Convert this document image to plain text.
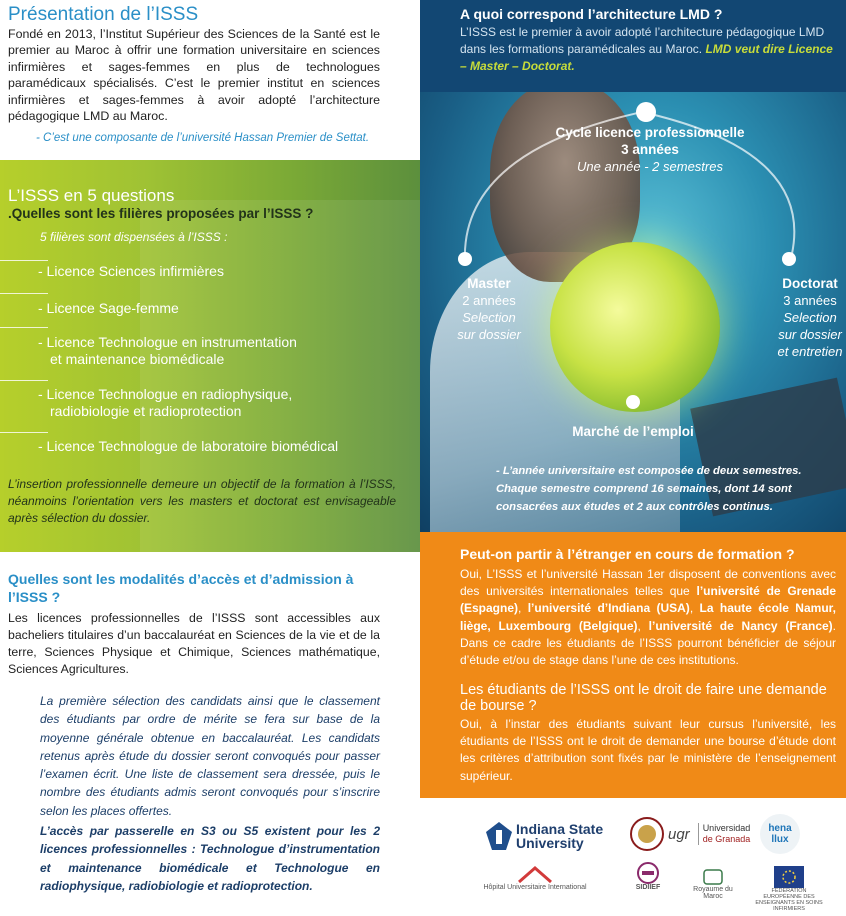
Présentation de l’ISSS
Fondé en 2013, l’Institut Supérieur des Sciences de la Santé est le premier au Maroc à offrir une formation universitaire en sciences infirmières et sages-femmes en plus de technologues paramédicaux spécialisés. C’est le premier institut en sciences infirmières et sages-femmes à avoir adopté l’architecture pédagogique LMD au Maroc.
- C’est une composante de l’université Hassan Premier de Settat.
L’ISSS en 5 questions
.Quelles sont les filières proposées par l’ISSS ?
5 filières sont dispensées à l’ISSS :
- Licence Sciences infirmières
- Licence Sage-femme
- Licence Technologue en instrumentation
et maintenance biomédicale
- Licence Technologue en radiophysique,
radiobiologie et radioprotection
- Licence Technologue de laboratoire biomédical
L’insertion professionnelle demeure un objectif de la formation à l’ISSS, néanmoins l’orientation vers les masters et doctorat est envisageable après sélection du dossier.
Quelles sont les modalités d’accès et d’admission à l’ISSS ?
Les licences professionnelles de l’ISSS sont accessibles aux bacheliers titulaires d’un baccalauréat en Sciences de la vie et de la terre, Sciences Physique et Chimique, Sciences mathématique, Sciences Agricultures.
La première sélection des candidats ainsi que le classement des étudiants par ordre de mérite se fera sur base de la moyenne générale obtenue en baccalauréat. Les candidats retenus après étude du dossier seront convoqués pour passer l’examen écrit. Une liste de classement sera dressée, puis le nombre des étudiants admis seront convoqués pour s’inscrire selon les places offertes.
L’accès par passerelle en S3 ou S5 existent pour les 2 licences professionnelles : Technologue d’instrumentation et maintenance biomédicale et Technologue en radiophysique, radiobiologie et radioprotection.
A quoi correspond l’architecture LMD ?
L’ISSS est le premier à avoir adopté l’architecture pédagogique LMD dans les formations paramédicales au Maroc. LMD veut dire Licence – Master – Doctorat.
Cycle licence professionnelle
3 années
Une année - 2 semestres
Master
2 années
Selection
sur dossier
Doctorat
3 années
Selection
sur dossier
et entretien
Marché de l’emploi
- L’année universitaire est composée de deux semestres. Chaque semestre comprend 16 semaines, dont 14 sont consacrées aux études et 2 aux contrôles continus.
Peut-on partir à l’étranger en cours de formation ?
Oui, L’ISSS et l’université Hassan 1er disposent de conventions avec des universités internationales telles que l’université de Grenade (Espagne), l’université d’Indiana (USA), La haute école Namur, liège, Luxembourg (Belgique), l’université de Nancy (France). Dans ce cadre les étudiants de l’ISSS pourront bénéficier de séjour d’étude et/ou de stage dans l’une de ces institutions.
Les étudiants de l’ISSS ont le droit de faire une demande de bourse ?
Oui, à l’instar des étudiants suivant leur cursus l’université, les étudiants de l’ISSS ont le droit de demander une bourse d’étude dont les critères d’attribution sont fixés par le ministère de l’enseignement supérieur.
Indiana State
University
ugr Universidad
de Granada
hena
llux
Hôpital Universitaire International	SIDIIEF	Royaume du Maroc
FÉDÉRATION EUROPÉENNE DES ENSEIGNANTS EN SOINS INFIRMIERS
